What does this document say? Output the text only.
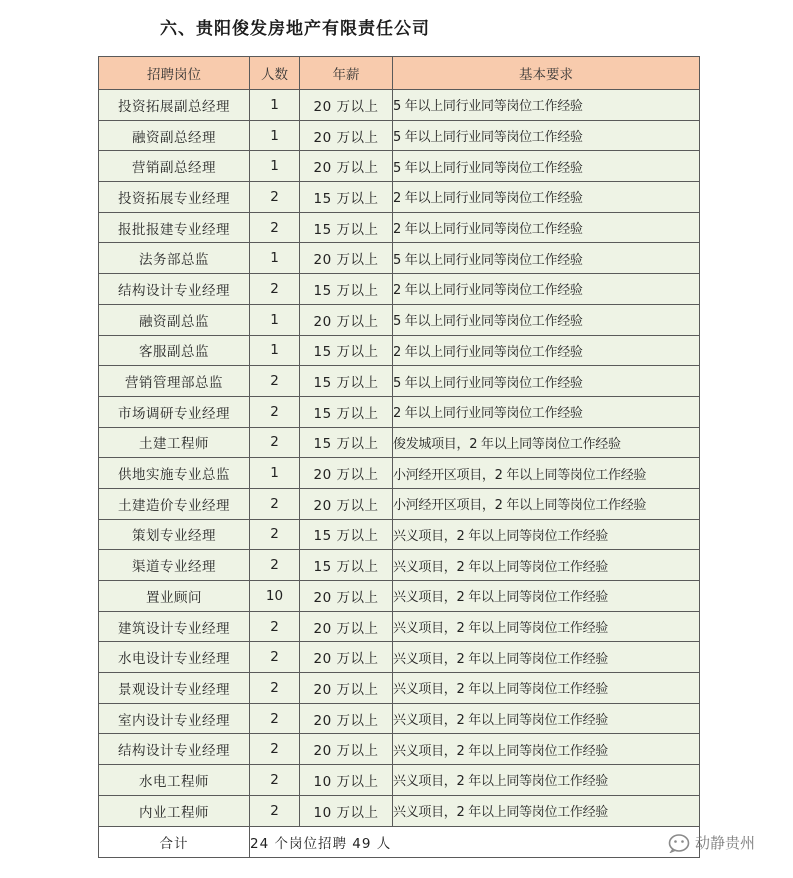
六、贵阳俊发房地产有限责任公司
招聘岗位	人数	年薪	基本要求
投资拓展副总经理	1	20 万以上	5 年以上同行业同等岗位工作经验
融资副总经理	1	20 万以上	5 年以上同行业同等岗位工作经验
营销副总经理	1	20 万以上	5 年以上同行业同等岗位工作经验
投资拓展专业经理	2	15 万以上	2 年以上同行业同等岗位工作经验
报批报建专业经理	2	15 万以上	2 年以上同行业同等岗位工作经验
法务部总监	1	20 万以上	5 年以上同行业同等岗位工作经验
结构设计专业经理	2	15 万以上	2 年以上同行业同等岗位工作经验
融资副总监	1	20 万以上	5 年以上同行业同等岗位工作经验
客服副总监	1	15 万以上	2 年以上同行业同等岗位工作经验
营销管理部总监	2	15 万以上	5 年以上同行业同等岗位工作经验
市场调研专业经理	2	15 万以上	2 年以上同行业同等岗位工作经验
土建工程师	2	15 万以上	俊发城项目，2 年以上同等岗位工作经验
供地实施专业总监	1	20 万以上	小河经开区项目，2 年以上同等岗位工作经验
土建造价专业经理	2	20 万以上	小河经开区项目，2 年以上同等岗位工作经验
策划专业经理	2	15 万以上	兴义项目，2 年以上同等岗位工作经验
渠道专业经理	2	15 万以上	兴义项目，2 年以上同等岗位工作经验
置业顾问	10	20 万以上	兴义项目，2 年以上同等岗位工作经验
建筑设计专业经理	2	20 万以上	兴义项目，2 年以上同等岗位工作经验
水电设计专业经理	2	20 万以上	兴义项目，2 年以上同等岗位工作经验
景观设计专业经理	2	20 万以上	兴义项目，2 年以上同等岗位工作经验
室内设计专业经理	2	20 万以上	兴义项目，2 年以上同等岗位工作经验
结构设计专业经理	2	20 万以上	兴义项目，2 年以上同等岗位工作经验
水电工程师	2	10 万以上	兴义项目，2 年以上同等岗位工作经验
内业工程师	2	10 万以上	兴义项目，2 年以上同等岗位工作经验
合计	24 个岗位招聘 49 人			动静贵州
